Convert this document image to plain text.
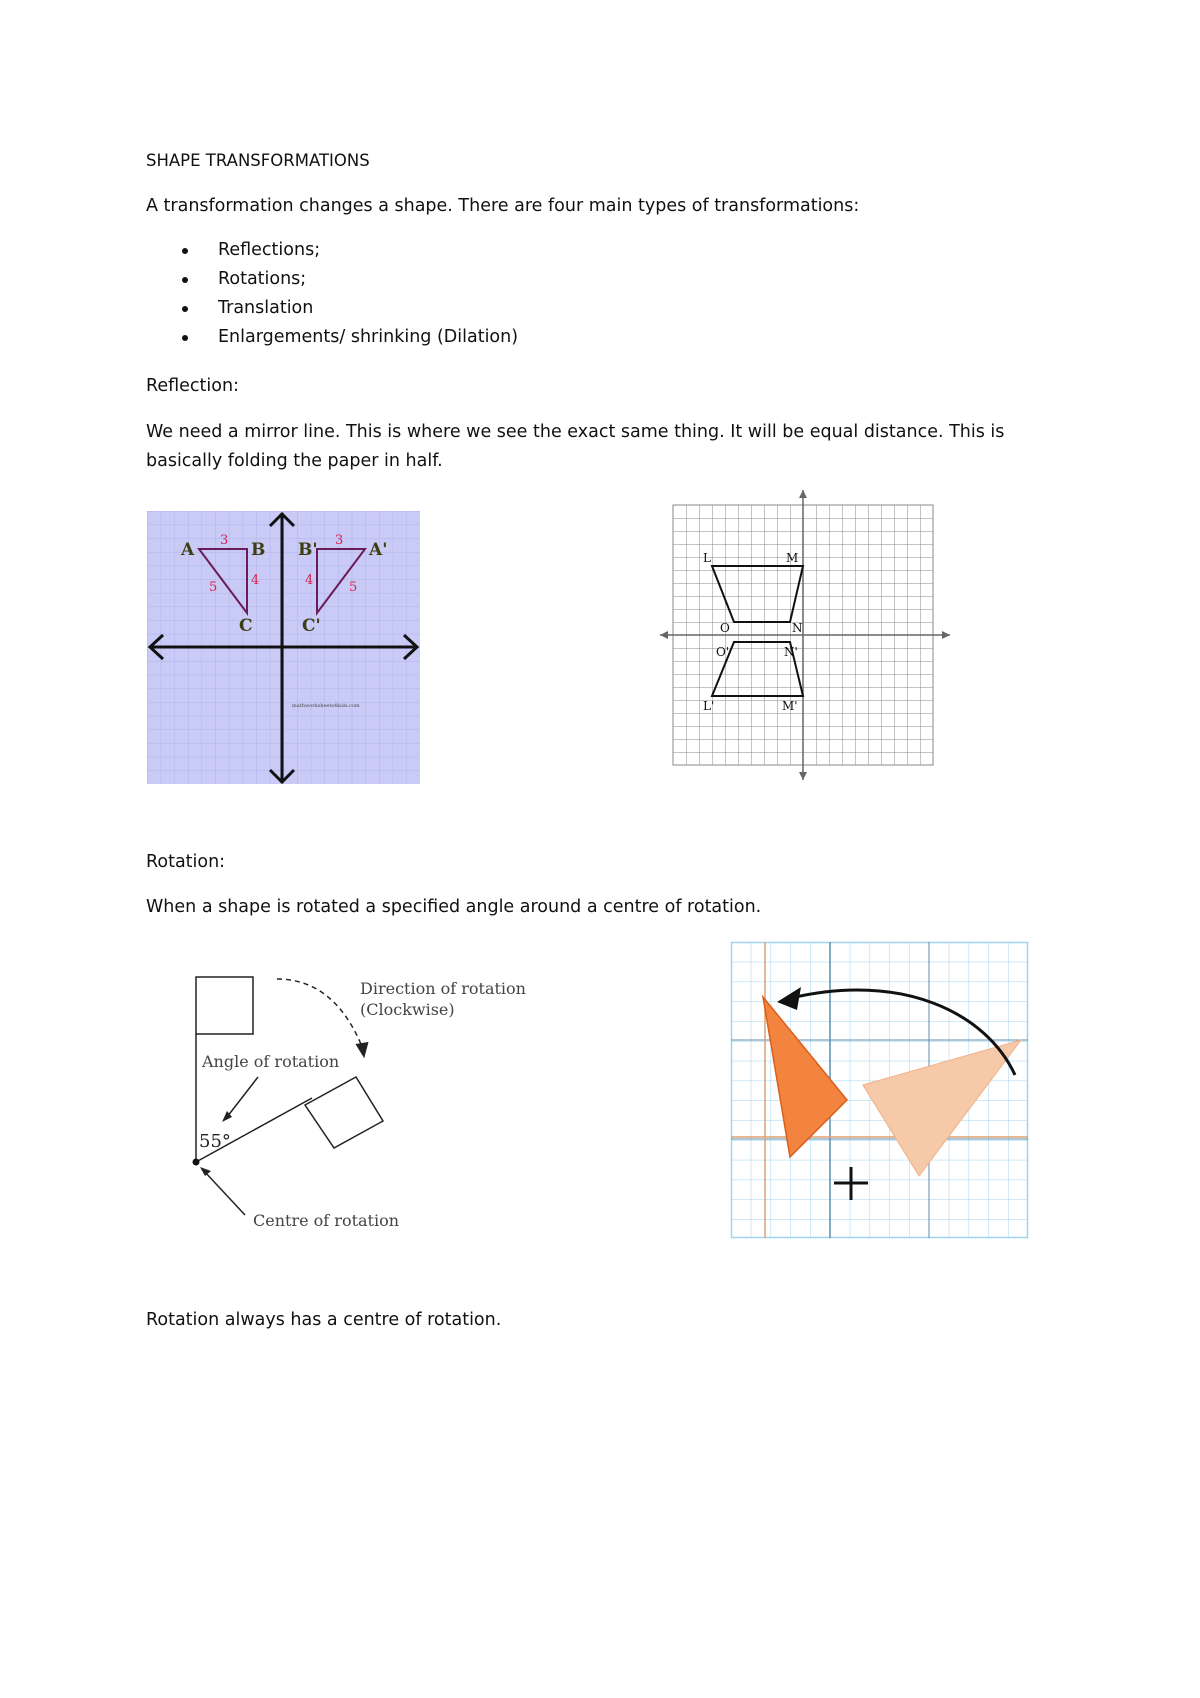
SHAPE TRANSFORMATIONS
A transformation changes a shape. There are four main types of transformations:
Reflections;
Rotations;
Translation
Enlargements/ shrinking (Dilation)
Reflection:
We need a mirror line. This is where we see the exact same thing. It will be equal distance. This is basically folding the paper in half.
A	B
C
B'	A'
C'
3
4
5
3
4	5
mathworksheets4kids.com
L	M
N
O
O'	N'
L'	M'
Rotation:
When a shape is rotated a specified angle around a centre of rotation.
Direction of rotation
(Clockwise)
Angle of rotation
55°
Centre of rotation
Rotation always has a centre of rotation.
